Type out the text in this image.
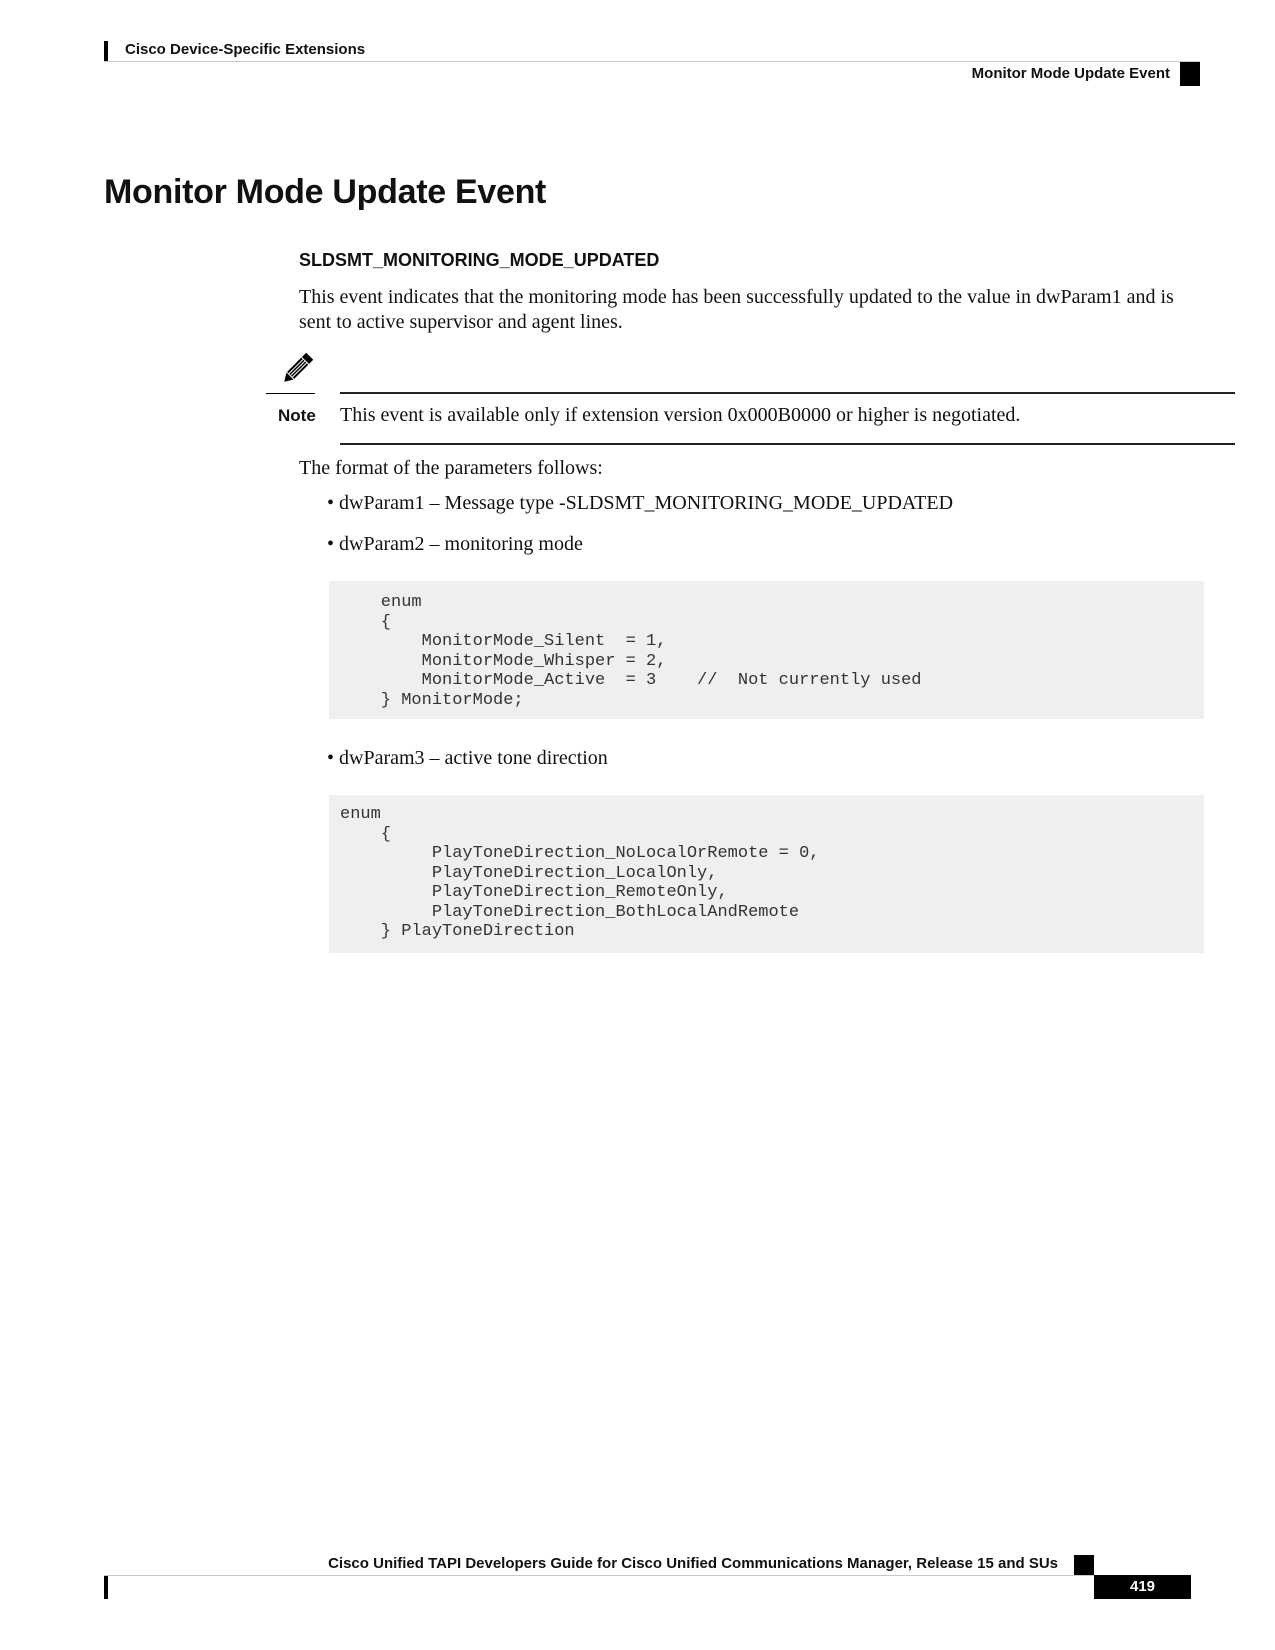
Cisco Device-Specific Extensions
Monitor Mode Update Event
Monitor Mode Update Event
SLDSMT_MONITORING_MODE_UPDATED

This event indicates that the monitoring mode has been successfully updated to the value in dwParam1 and is sent to active supervisor and agent lines.

Note This event is available only if extension version 0x000B0000 or higher is negotiated.
The format of the parameters follows:
• dwParam1 – Message type -SLDSMT_MONITORING_MODE_UPDATED
• dwParam2 – monitoring mode
enum
{
MonitorMode_Silent  = 1,
MonitorMode_Whisper = 2,
MonitorMode_Active  = 3    //  Not currently used
} MonitorMode;
• dwParam3 – active tone direction
enum
{
PlayToneDirection_NoLocalOrRemote = 0,
PlayToneDirection_LocalOnly,
PlayToneDirection_RemoteOnly,
PlayToneDirection_BothLocalAndRemote
} PlayToneDirection
Cisco Unified TAPI Developers Guide for Cisco Unified Communications Manager, Release 15 and SUs
419
